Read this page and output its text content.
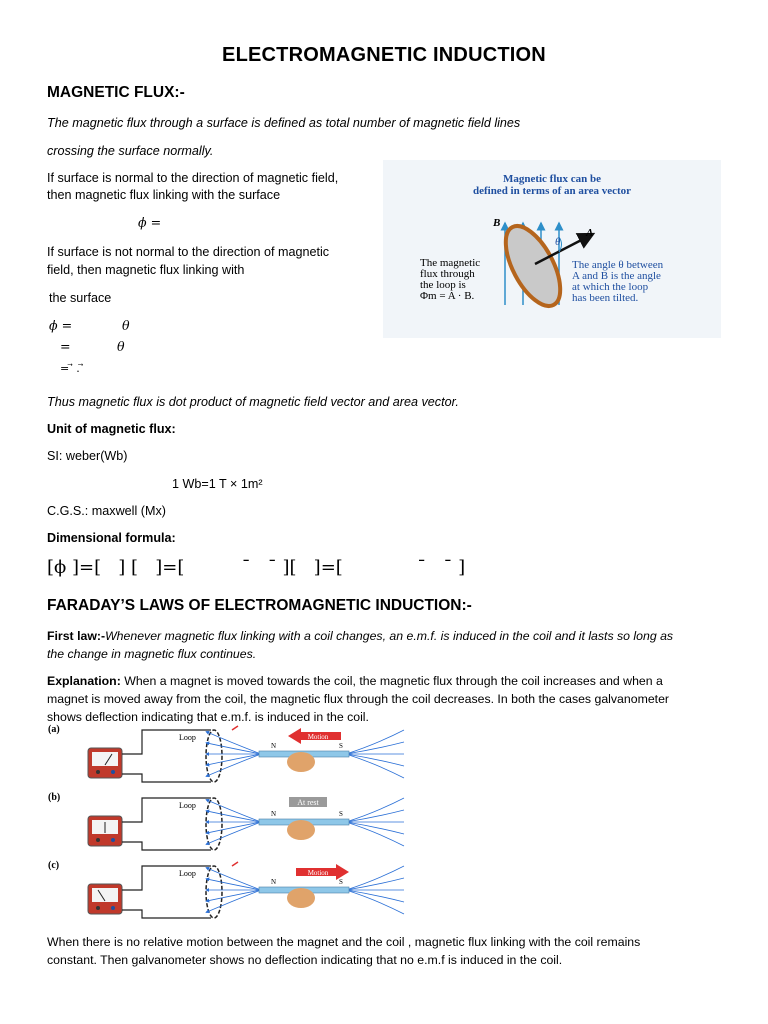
ELECTROMAGNETIC INDUCTION
MAGNETIC FLUX:-
The magnetic flux through a surface is defined as total number of magnetic field lines
crossing the surface normally.
If surface is normal to the direction of magnetic field,
then magnetic flux linking with the surface
ϕ =
If surface is not normal to the direction of magnetic
field, then magnetic flux linking with
the surface
ϕ =	θ
=	θ
= ⃗ . ⃗
Magnetic flux can be
defined in terms of an area vector
B
θ
A
The magnetic
flux through
the loop is
Φm = A · B.
The angle θ between
A and B is the angle
at which the loop
has been tilted.
Thus magnetic flux is dot product of magnetic field vector and area vector.
Unit of magnetic flux:
SI: weber(Wb)
1 Wb=1 T × 1m²
C.G.S.: maxwell (Mx)
Dimensional formula:
[ϕ ]=[   ] [   ]=[          ˉ   ˉ ][   ]=[             ˉ   ˉ ]
FARADAY’S LAWS OF ELECTROMAGNETIC INDUCTION:-
First law:-Whenever magnetic flux linking with a coil changes, an e.m.f. is induced in the coil and it lasts so long as
the change in magnetic flux continues.
Explanation: When a magnet is moved towards the coil, the magnetic flux through the coil increases and when a
magnet is moved away from the coil, the magnetic flux through the coil decreases. In both the cases galvanometer
shows deflection indicating that e.m.f. is induced in the coil.
(a)
Loop
N	S
Motion
(b)
Loop
N	S
At rest
(c)
Loop
N	S
Motion
When there is no relative motion between the magnet and the coil , magnetic flux linking with the coil remains
constant. Then galvanometer shows no deflection indicating that no e.m.f is induced in the coil.
